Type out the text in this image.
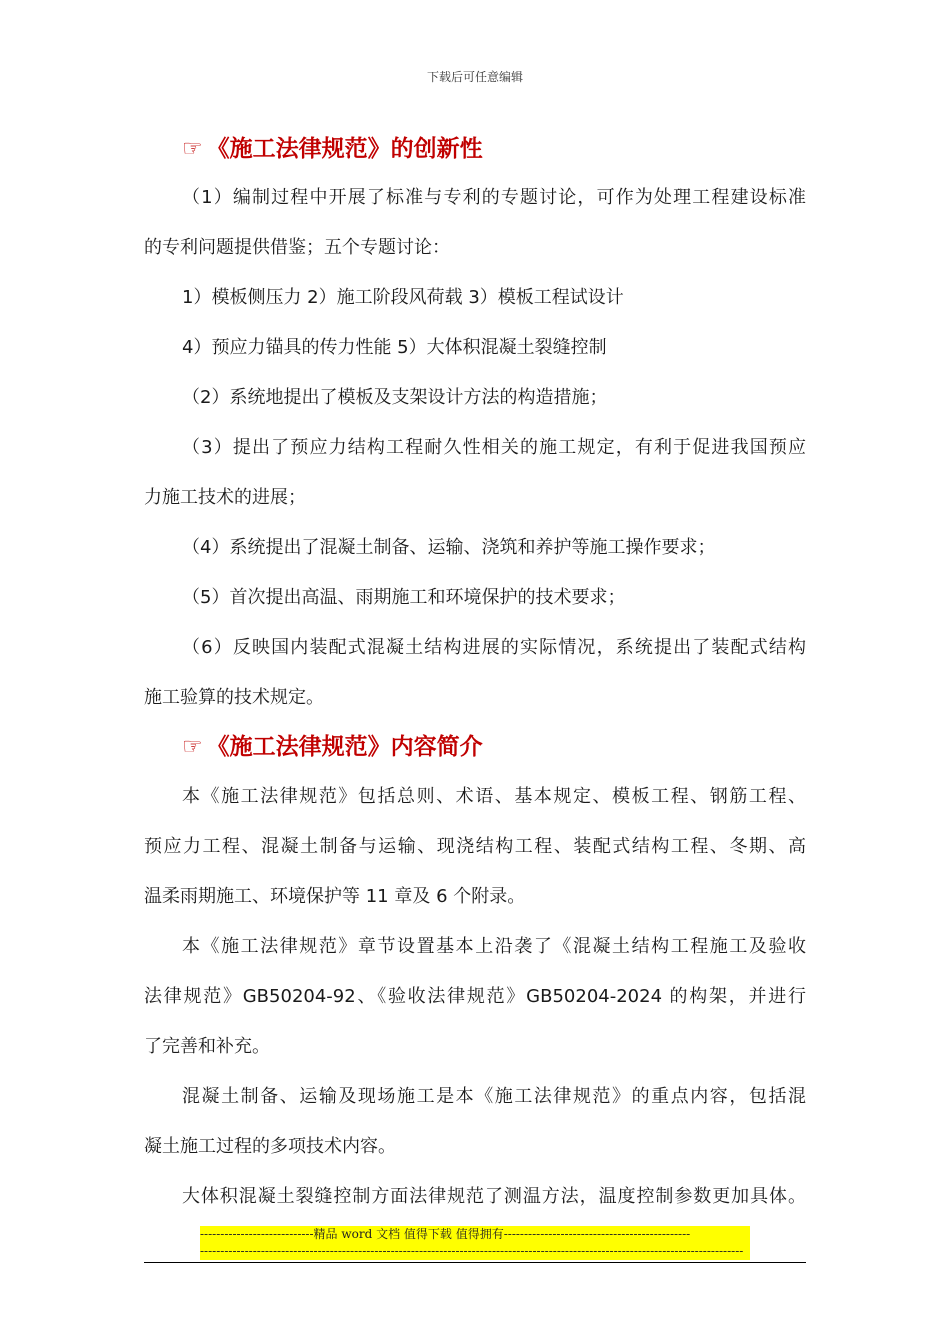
下载后可任意编辑
☞ 《施工法律规范》的创新性
（1）编制过程中开展了标准与专利的专题讨论，可作为处理工程建设标准
的专利问题提供借鉴；五个专题讨论：
1）模板侧压力 2）施工阶段风荷载 3）模板工程试设计
4）预应力锚具的传力性能 5）大体积混凝土裂缝控制
（2）系统地提出了模板及支架设计方法的构造措施；
（3）提出了预应力结构工程耐久性相关的施工规定，有利于促进我国预应
力施工技术的进展；
（4）系统提出了混凝土制备、运输、浇筑和养护等施工操作要求；
（5）首次提出高温、雨期施工和环境保护的技术要求；
（6）反映国内装配式混凝土结构进展的实际情况，系统提出了装配式结构
施工验算的技术规定。
☞ 《施工法律规范》内容简介
本《施工法律规范》包括总则、术语、基本规定、模板工程、钢筋工程、
预应力工程、混凝土制备与运输、现浇结构工程、装配式结构工程、冬期、高
温柔雨期施工、环境保护等 11 章及 6 个附录。
本《施工法律规范》章节设置基本上沿袭了《混凝土结构工程施工及验收
法律规范》GB50204-92、《验收法律规范》GB50204-2024 的构架，并进行
了完善和补充。
混凝土制备、运输及现场施工是本《施工法律规范》的重点内容，包括混
凝土施工过程的多项技术内容。
大体积混凝土裂缝控制方面法律规范了测温方法，温度控制参数更加具体。
----------------------------精品 word 文档 值得下载 值得拥有----------------------------------------------
--------------------------------------------------------------------------------------------------------------------------------------
